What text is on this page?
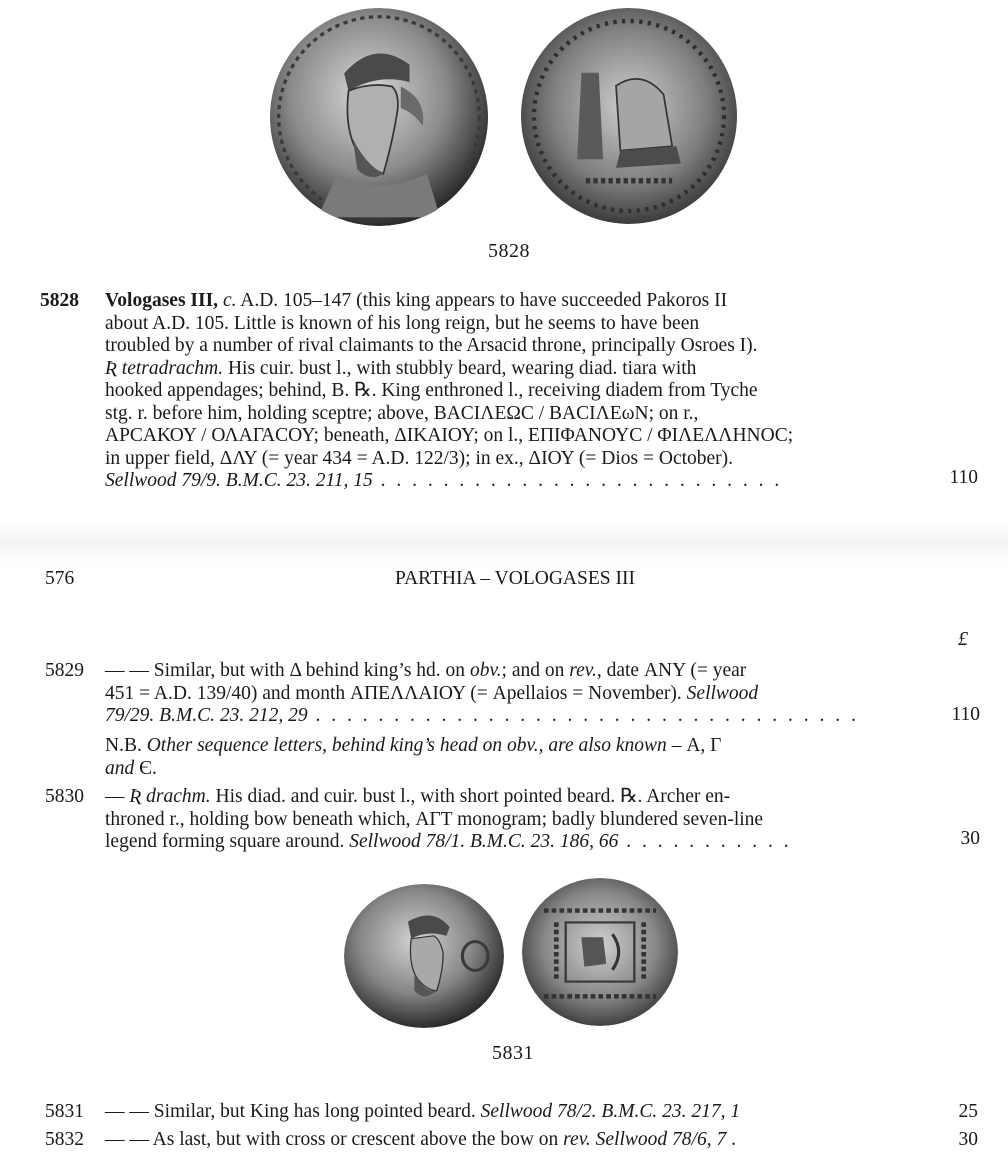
5828
5828 Vologases III, c. A.D. 105–147 (this king appears to have succeeded Pakoros II
about A.D. 105. Little is known of his long reign, but he seems to have been
troubled by a number of rival claimants to the Arsacid throne, principally Osroes I).
Ʀ tetradrachm. His cuir. bust l., with stubbly beard, wearing diad. tiara with
hooked appendages; behind, B. ℞. King enthroned l., receiving diadem from Tyche
stg. r. before him, holding sceptre; above, ΒΑCΙΛΕΩC / ΒΑCΙΛΕωN; on r.,
ΑΡCΑΚΟΥ / ΟΛΑΓΑCΟΥ; beneath, ΔΙΚΑΙΟΥ; on l., ΕΠΙΦΑΝΟΥC / ΦΙΛΕΛΛΗΝΟC;
in upper field, ΔΛΥ (= year 434 = A.D. 122/3); in ex., ΔΙΟΥ (= Dios = October).
Sellwood 79/9. B.M.C. 23. 211, 15 . . . . . . . . . . . . . . . . . . . . . . . . . .	110
576	PARTHIA – VOLOGASES III
£
5829 — — Similar, but with Δ behind king’s hd. on obv.; and on rev., date ΑΝΥ (= year
451 = A.D. 139/40) and month ΑΠΕΛΛΑΙΟΥ (= Apellaios = November). Sellwood
79/29. B.M.C. 23. 212, 29 . . . . . . . . . . . . . . . . . . . . . . . . . . . . . . . . . . .	110
N.B. Other sequence letters, behind king’s head on obv., are also known – Α, Γ
and Є.
5830 — Ʀ drachm. His diad. and cuir. bust l., with short pointed beard. ℞. Archer en-
throned r., holding bow beneath which, ΑΓΤ monogram; badly blundered seven-line
legend forming square around. Sellwood 78/1. B.M.C. 23. 186, 66 . . . . . . . . . . .	30
5831
5831 — — Similar, but King has long pointed beard. Sellwood 78/2. B.M.C. 23. 217, 1	25
5832 — — As last, but with cross or crescent above the bow on rev. Sellwood 78/6, 7 .	30
